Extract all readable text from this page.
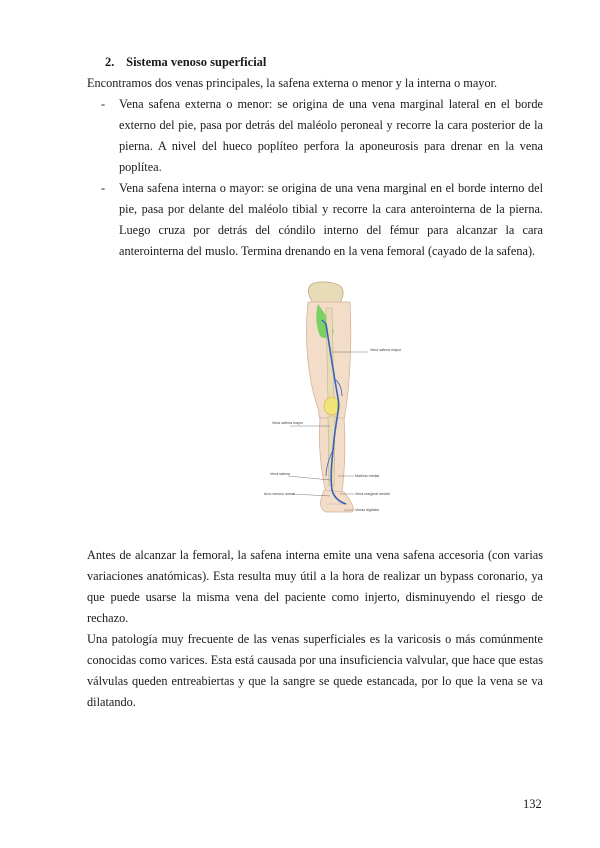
2. Sistema venoso superficial

Encontramos dos venas principales, la safena externa o menor y la interna o mayor.

- Vena safena externa o menor: se origina de una vena marginal lateral en el borde externo del pie, pasa por detrás del maléolo peroneal y recorre la cara posterior de la pierna. A nivel del hueco poplíteo perfora la aponeurosis para drenar en la vena poplítea.
- Vena safena interna o mayor: se origina de una vena marginal en el borde interno del pie, pasa por delante del maléolo tibial y recorre la cara anterointerna de la pierna. Luego cruza por detrás del cóndilo interno del fémur para alcanzar la cara anterointerna del muslo. Termina drenando en la vena femoral (cayado de la safena).
Vena safena mayor
Vena safena mayor
Vena safena
Arco venoso dorsal
Maléolo medial
Vena marginal medial
Venas digitales

Antes de alcanzar la femoral, la safena interna emite una vena safena accesoria (con varias variaciones anatómicas). Esta resulta muy útil a la hora de realizar un bypass coronario, ya que puede usarse la misma vena del paciente como injerto, disminuyendo el riesgo de rechazo.

Una patología muy frecuente de las venas superficiales es la varicosis o más comúnmente conocidas como varices. Esta está causada por una insuficiencia valvular, que hace que estas válvulas queden entreabiertas y que la sangre se quede estancada, por lo que la vena se va dilatando.

132
